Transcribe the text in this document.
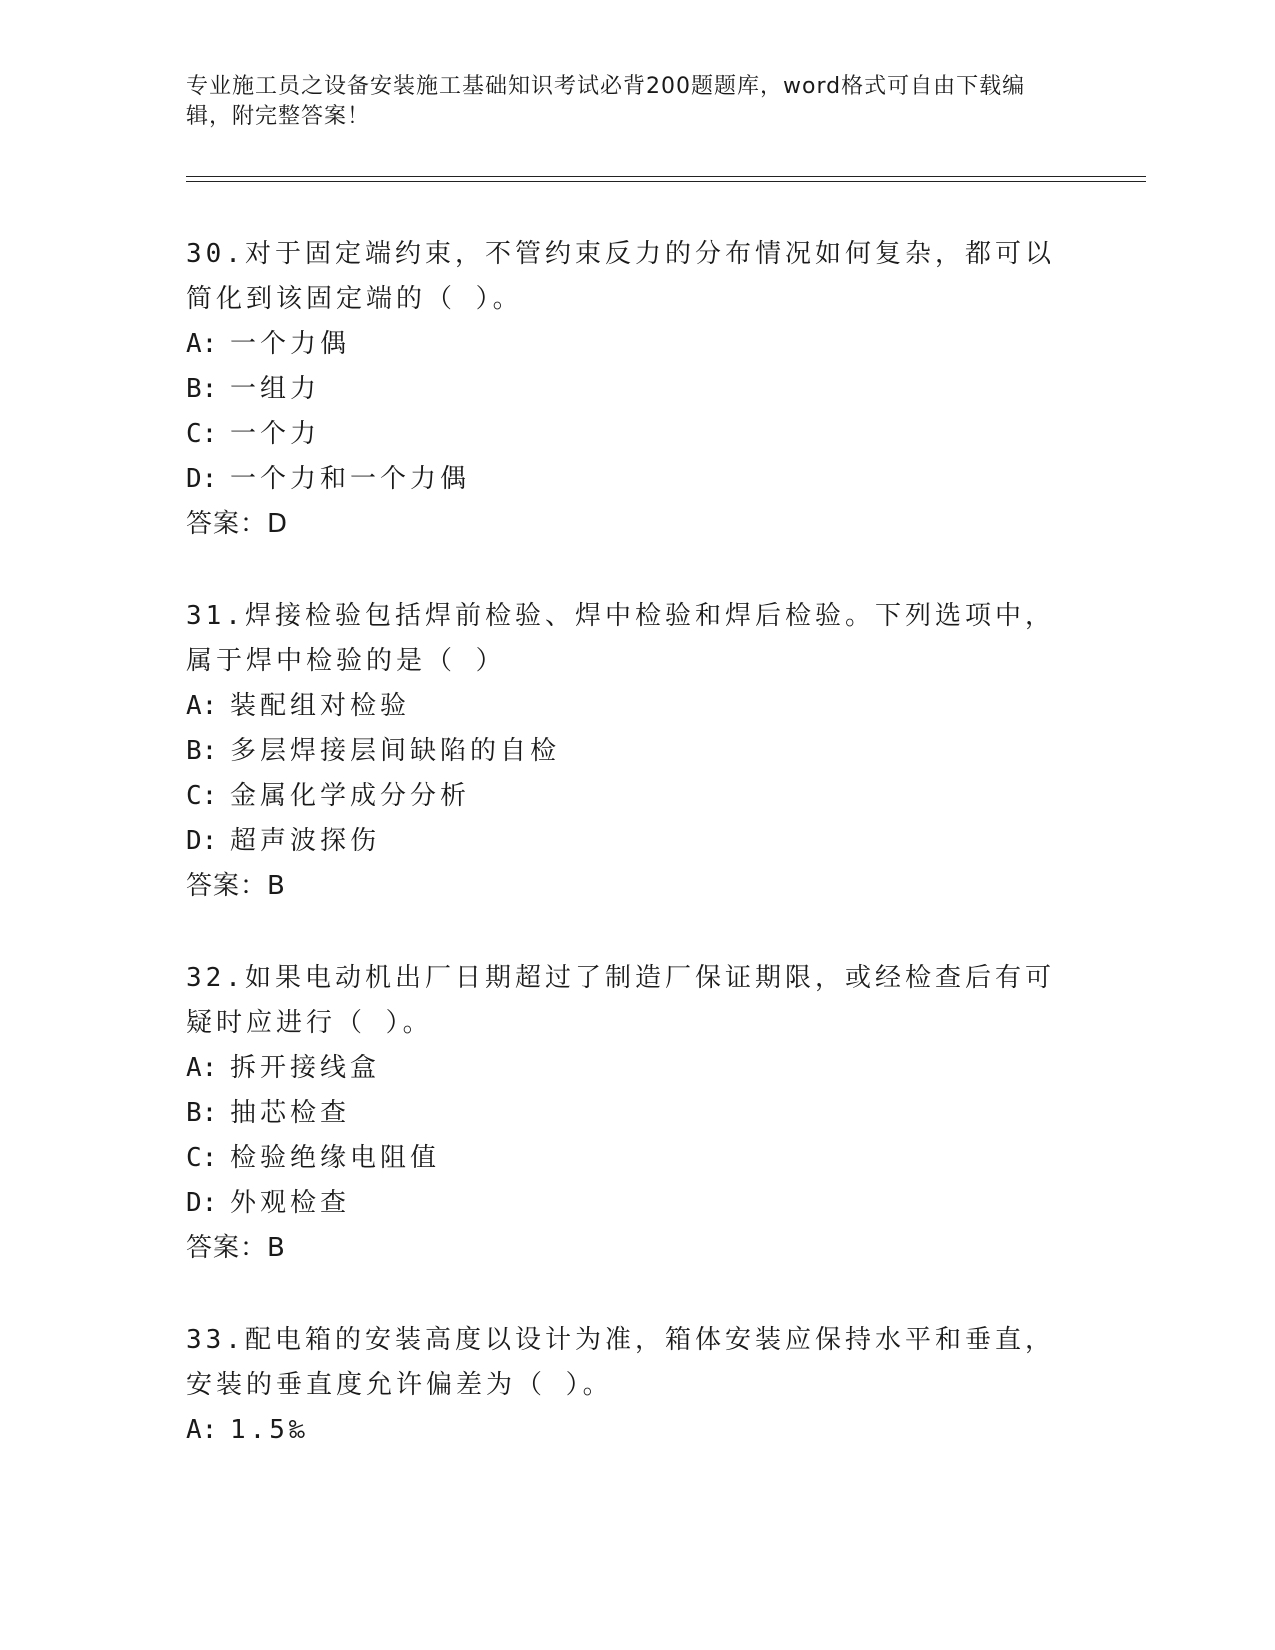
专业施工员之设备安装施工基础知识考试必背200题题库，word格式可自由下载编辑，附完整答案！

30.对于固定端约束，不管约束反力的分布情况如何复杂，都可以简化到该固定端的（ ）。

A: 一个力偶

B: 一组力

C: 一个力

D: 一个力和一个力偶

答案：D

31.焊接检验包括焊前检验、焊中检验和焊后检验。下列选项中，属于焊中检验的是（ ）

A: 装配组对检验

B: 多层焊接层间缺陷的自检

C: 金属化学成分分析

D: 超声波探伤

答案：B

32.如果电动机出厂日期超过了制造厂保证期限，或经检查后有可疑时应进行（ ）。

A: 拆开接线盒

B: 抽芯检查

C: 检验绝缘电阻值

D: 外观检查

答案：B

33.配电箱的安装高度以设计为准，箱体安装应保持水平和垂直，安装的垂直度允许偏差为（ ）。

A: 1.5‰
